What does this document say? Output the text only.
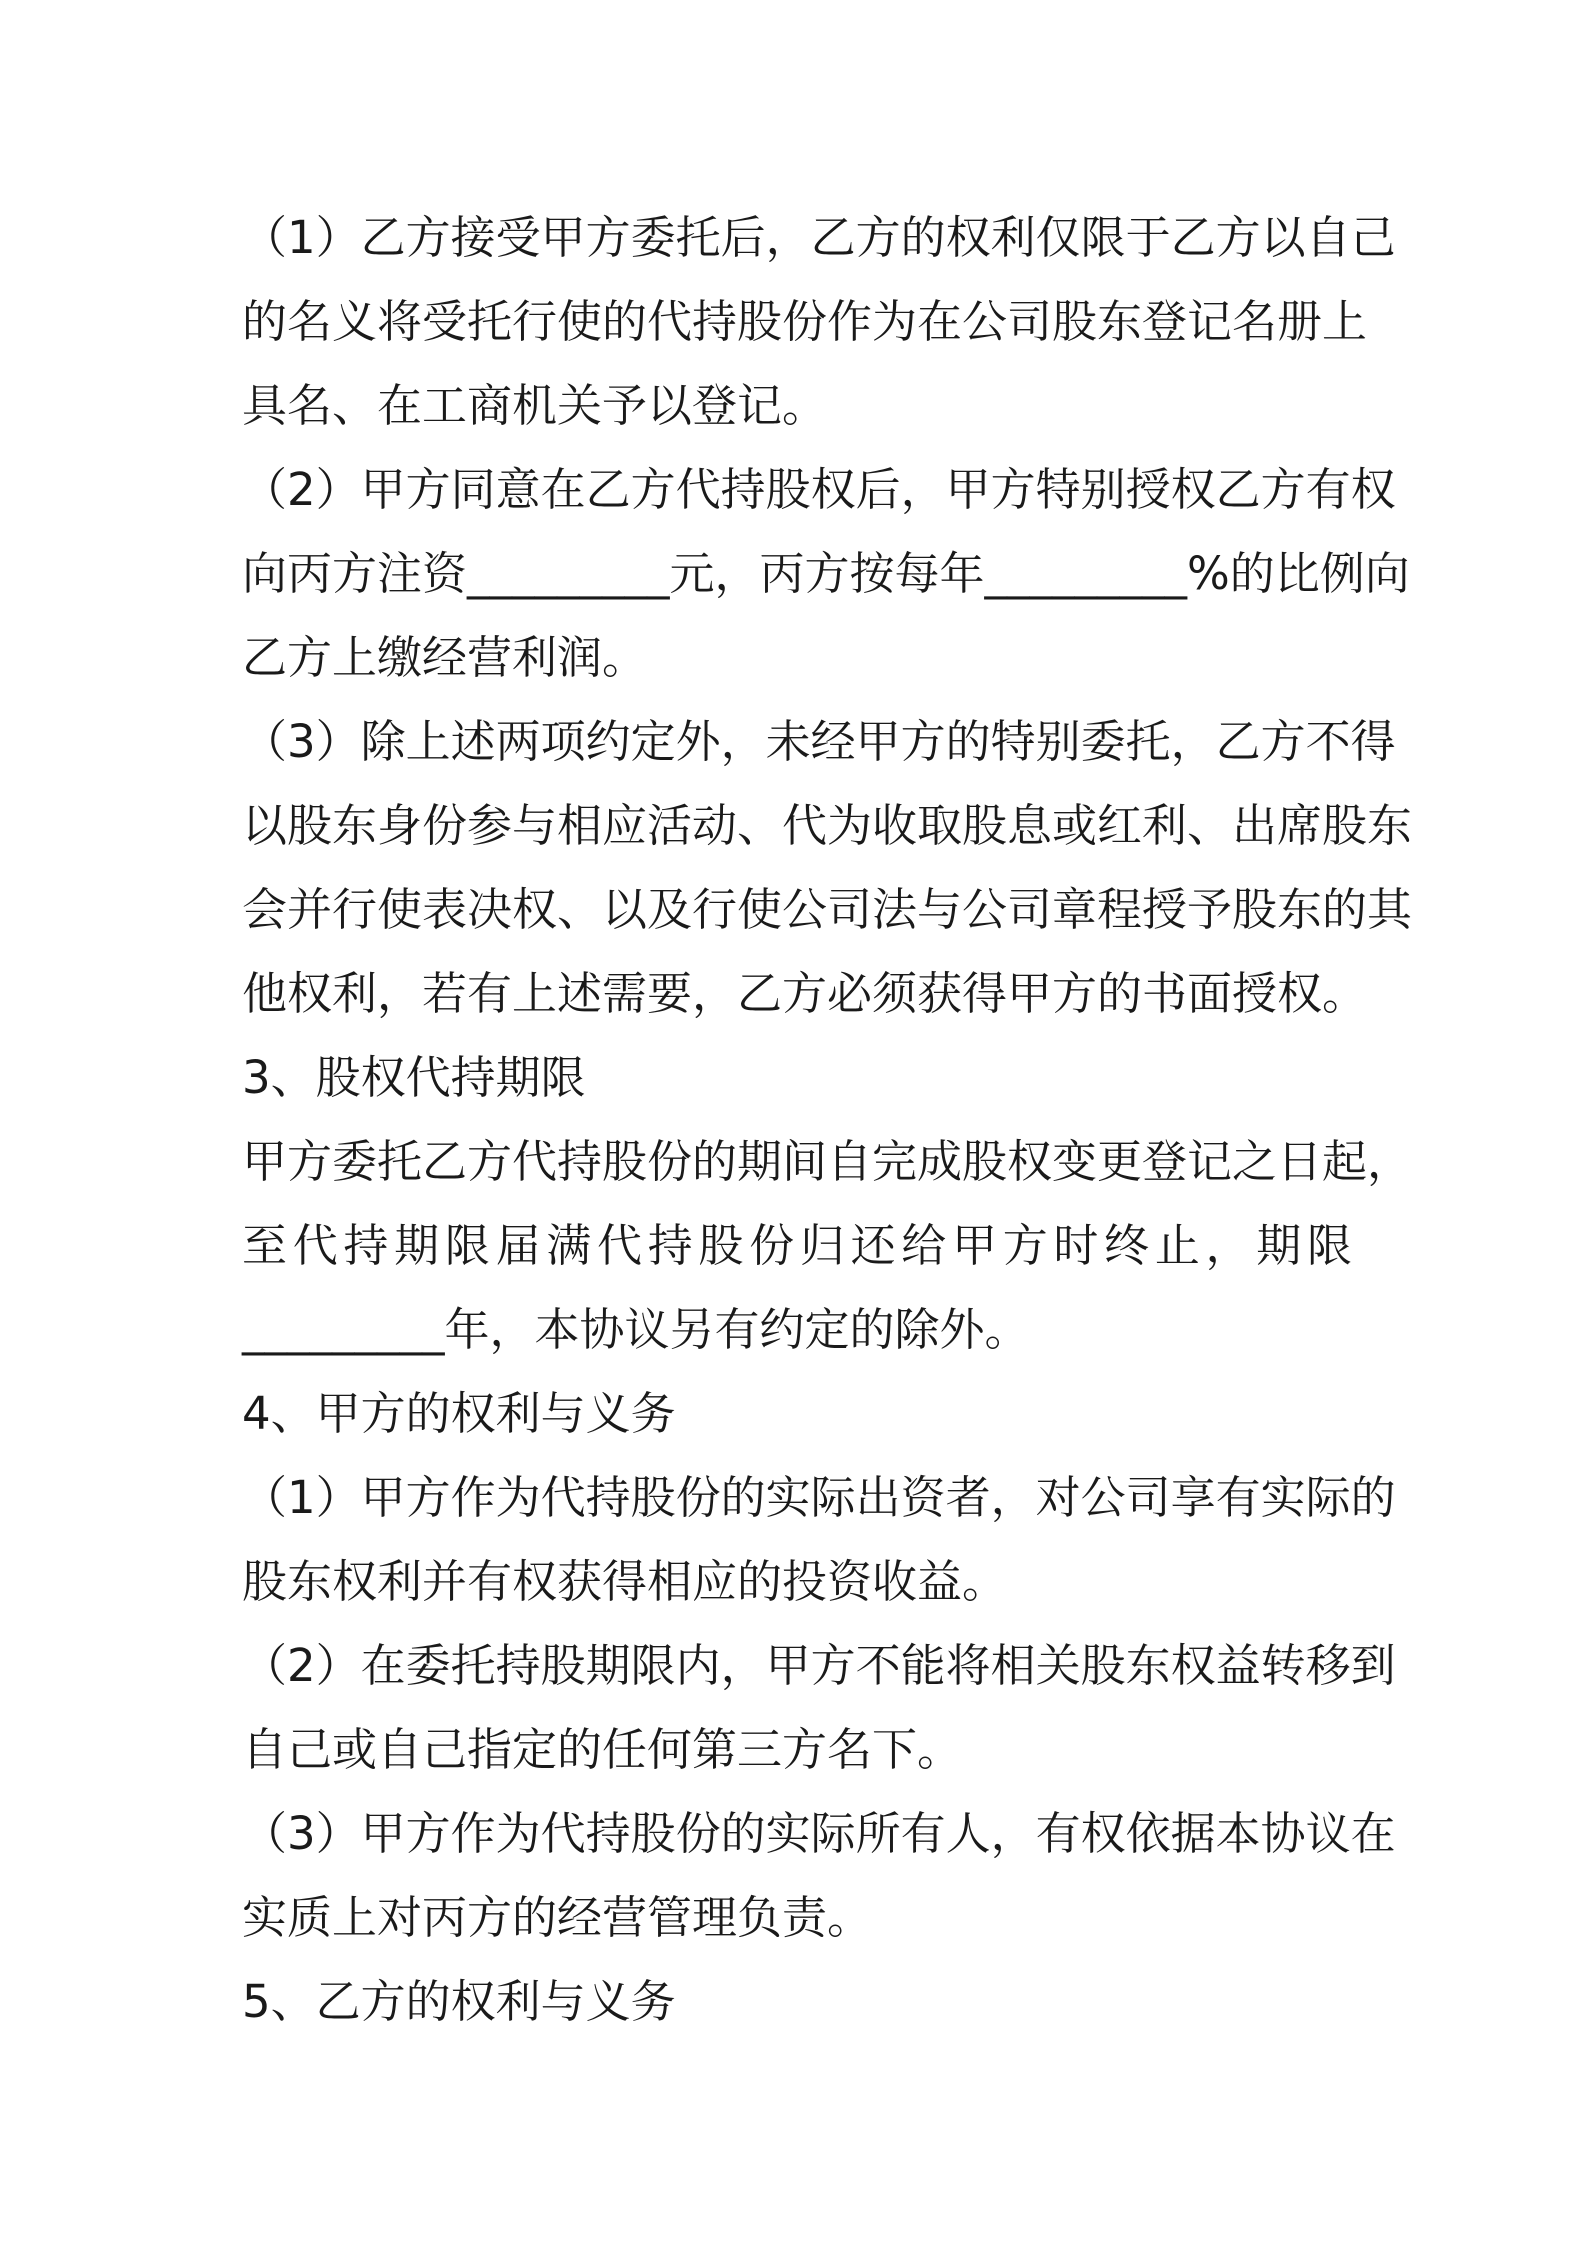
（1）乙方接受甲方委托后，乙方的权利仅限于乙方以自己
的名义将受托行使的代持股份作为在公司股东登记名册上
具名、在工商机关予以登记。
（2）甲方同意在乙方代持股权后，甲方特别授权乙方有权
向丙方注资_________元，丙方按每年_________%的比例向
乙方上缴经营利润。
（3）除上述两项约定外，未经甲方的特别委托，乙方不得
以股东身份参与相应活动、代为收取股息或红利、出席股东
会并行使表决权、以及行使公司法与公司章程授予股东的其
他权利，若有上述需要，乙方必须获得甲方的书面授权。
3、股权代持期限
甲方委托乙方代持股份的期间自完成股权变更登记之日起，
至代持期限届满代持股份归还给甲方时终止，期限
_________年，本协议另有约定的除外。
4、甲方的权利与义务
（1）甲方作为代持股份的实际出资者，对公司享有实际的
股东权利并有权获得相应的投资收益。
（2）在委托持股期限内，甲方不能将相关股东权益转移到
自己或自己指定的任何第三方名下。
（3）甲方作为代持股份的实际所有人，有权依据本协议在
实质上对丙方的经营管理负责。
5、乙方的权利与义务
